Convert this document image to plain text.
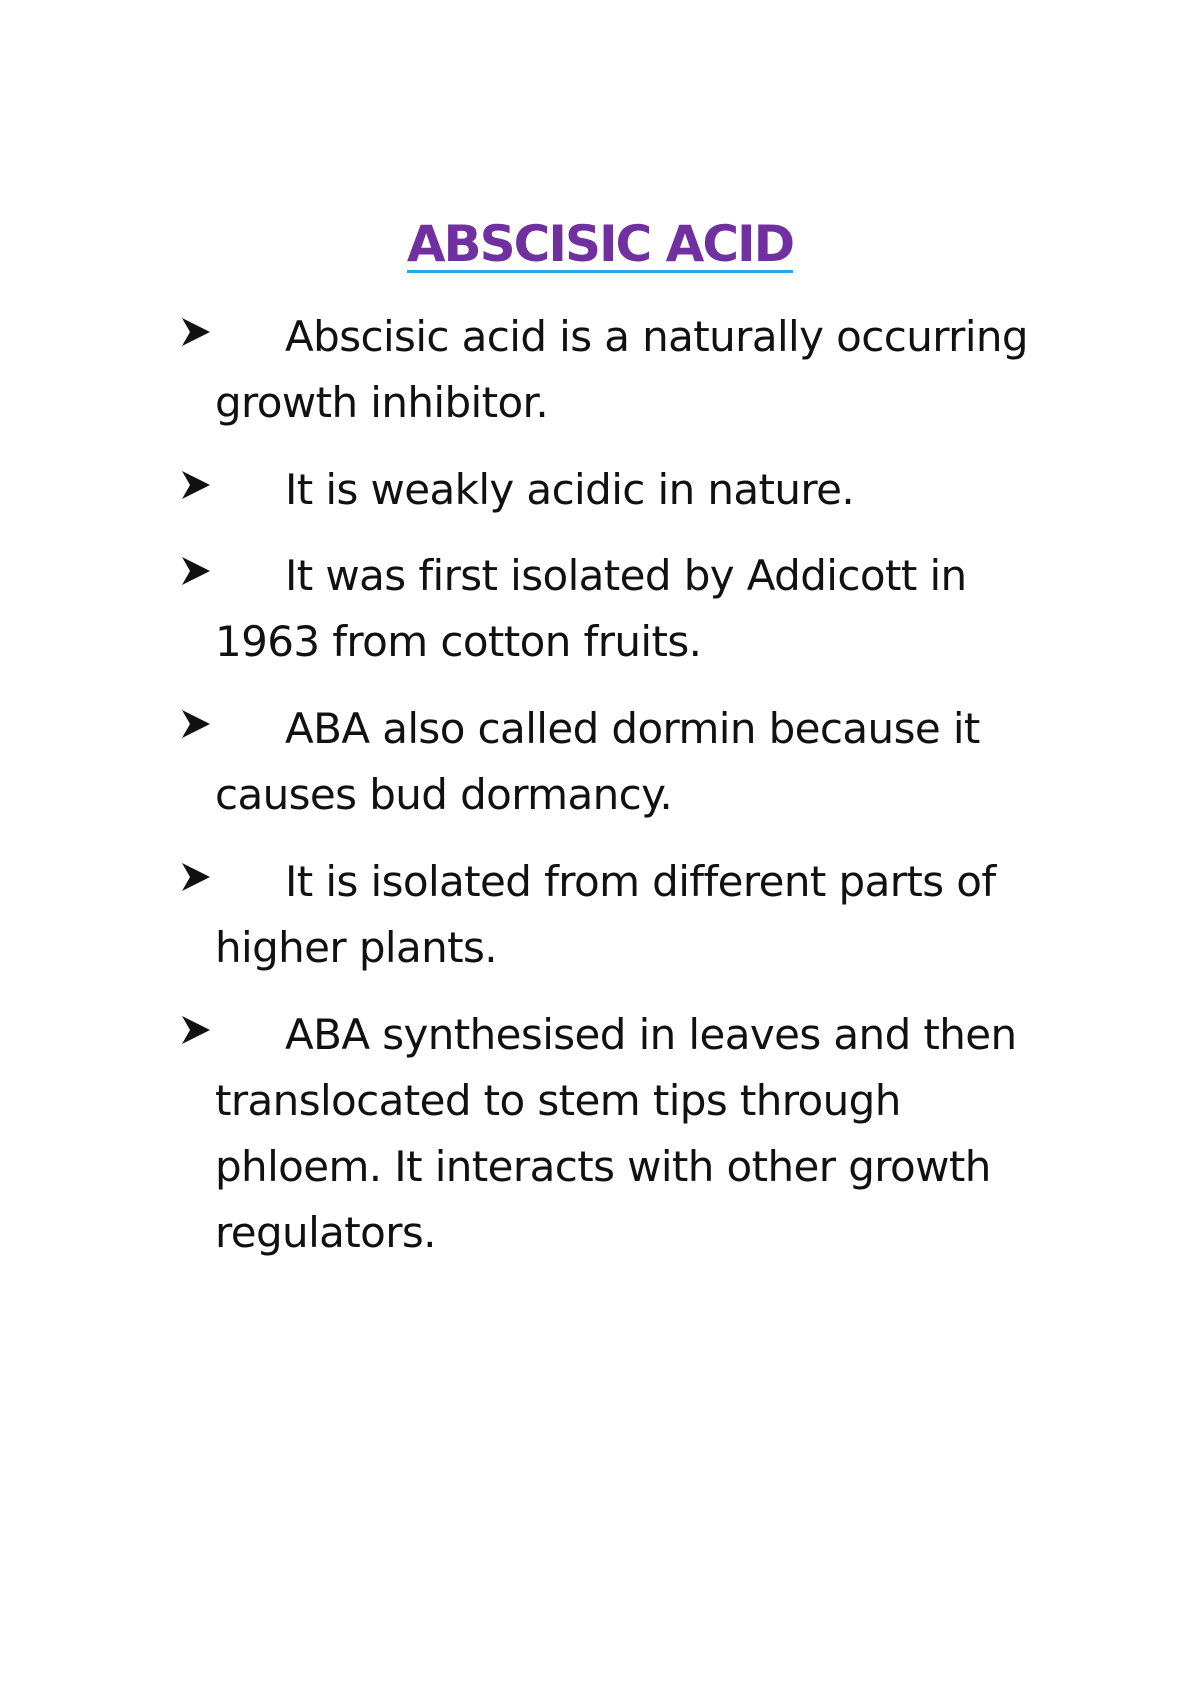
ABSCISIC ACID

Abscisic acid is a naturally occurring growth inhibitor.

It is weakly acidic in nature.

It was first isolated by Addicott in 1963 from cotton fruits.

ABA also called dormin because it causes bud dormancy.

It is isolated from different parts of higher plants.

ABA synthesised in leaves and then translocated to stem tips through phloem. It interacts with other growth regulators.
